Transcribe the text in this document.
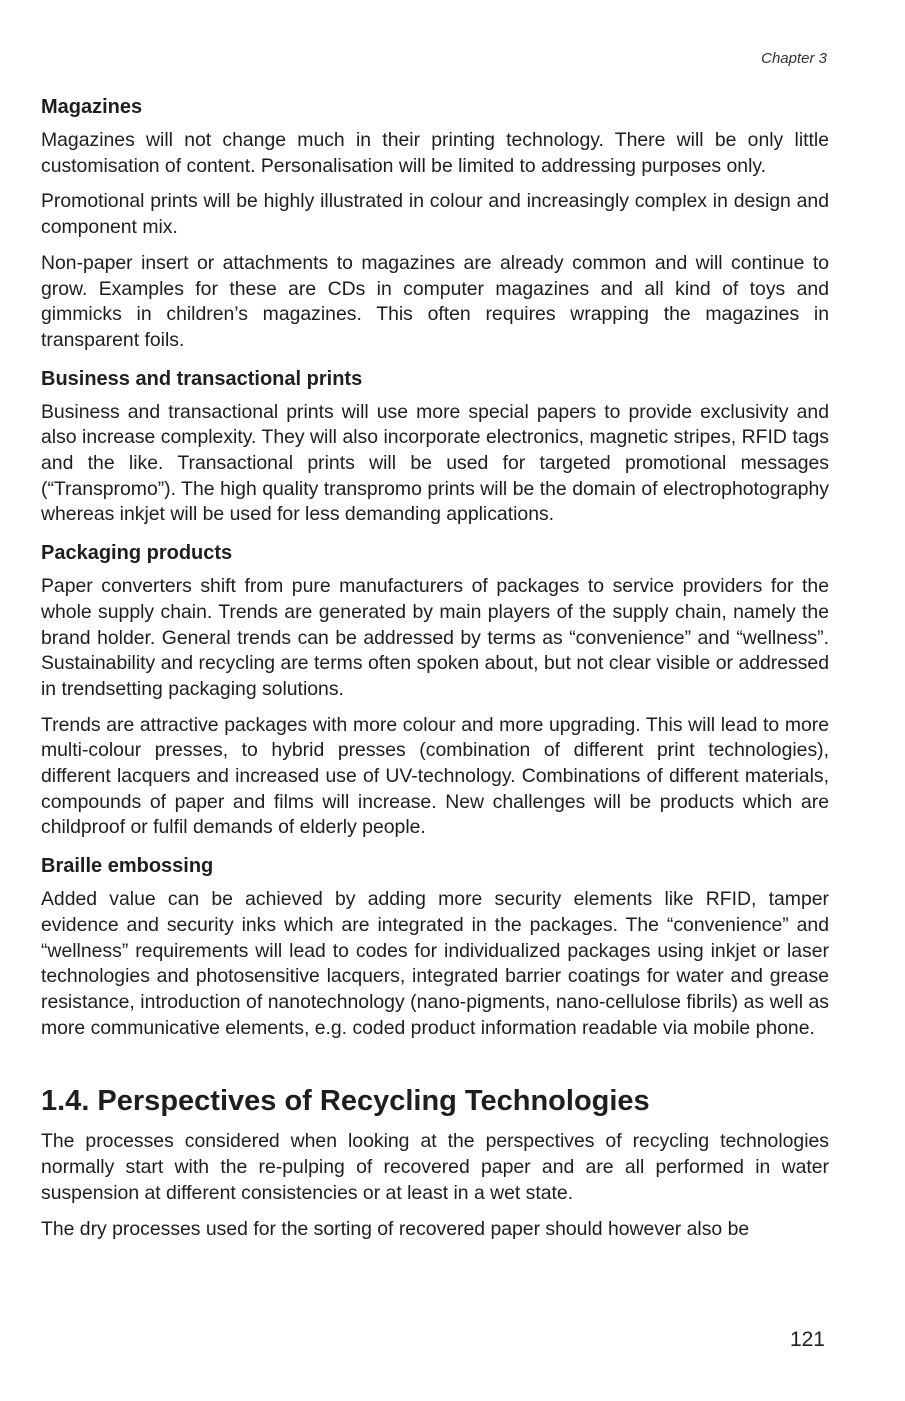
Chapter 3
Magazines

Magazines will not change much in their printing technology. There will be only little customisation of content. Personalisation will be limited to addressing purposes only.

Promotional prints will be highly illustrated in colour and increasingly complex in design and component mix.

Non-paper insert or attachments to magazines are already common and will continue to grow. Examples for these are CDs in computer magazines and all kind of toys and gimmicks in children’s magazines. This often requires wrapping the magazines in transparent foils.

Business and transactional prints

Business and transactional prints will use more special papers to provide exclusivity and also increase complexity. They will also incorporate electronics, magnetic stripes, RFID tags and the like. Transactional prints will be used for targeted promotional messages (“Transpromo”). The high quality transpromo prints will be the domain of electrophotography whereas inkjet will be used for less demanding applications.

Packaging products

Paper converters shift from pure manufacturers of packages to service providers for the whole supply chain. Trends are generated by main players of the supply chain, namely the brand holder. General trends can be addressed by terms as “convenience” and “wellness”. Sustainability and recycling are terms often spoken about, but not clear visible or addressed in trendsetting packaging solutions.

Trends are attractive packages with more colour and more upgrading. This will lead to more multi-colour presses, to hybrid presses (combination of different print technologies), different lacquers and increased use of UV-technology. Combinations of different materials, compounds of paper and films will increase. New challenges will be products which are childproof or fulfil demands of elderly people.

Braille embossing

Added value can be achieved by adding more security elements like RFID, tamper evidence and security inks which are integrated in the packages. The “convenience” and “wellness” requirements will lead to codes for individualized packages using inkjet or laser technologies and photosensitive lacquers, integrated barrier coatings for water and grease resistance, introduction of nanotechnology (nano-pigments, nano-cellulose fibrils) as well as more communicative elements, e.g. coded product information readable via mobile phone.

1.4. Perspectives of Recycling Technologies

The processes considered when looking at the perspectives of recycling technologies normally start with the re-pulping of recovered paper and are all performed in water suspension at different consistencies or at least in a wet state.

The dry processes used for the sorting of recovered paper should however also be

121
